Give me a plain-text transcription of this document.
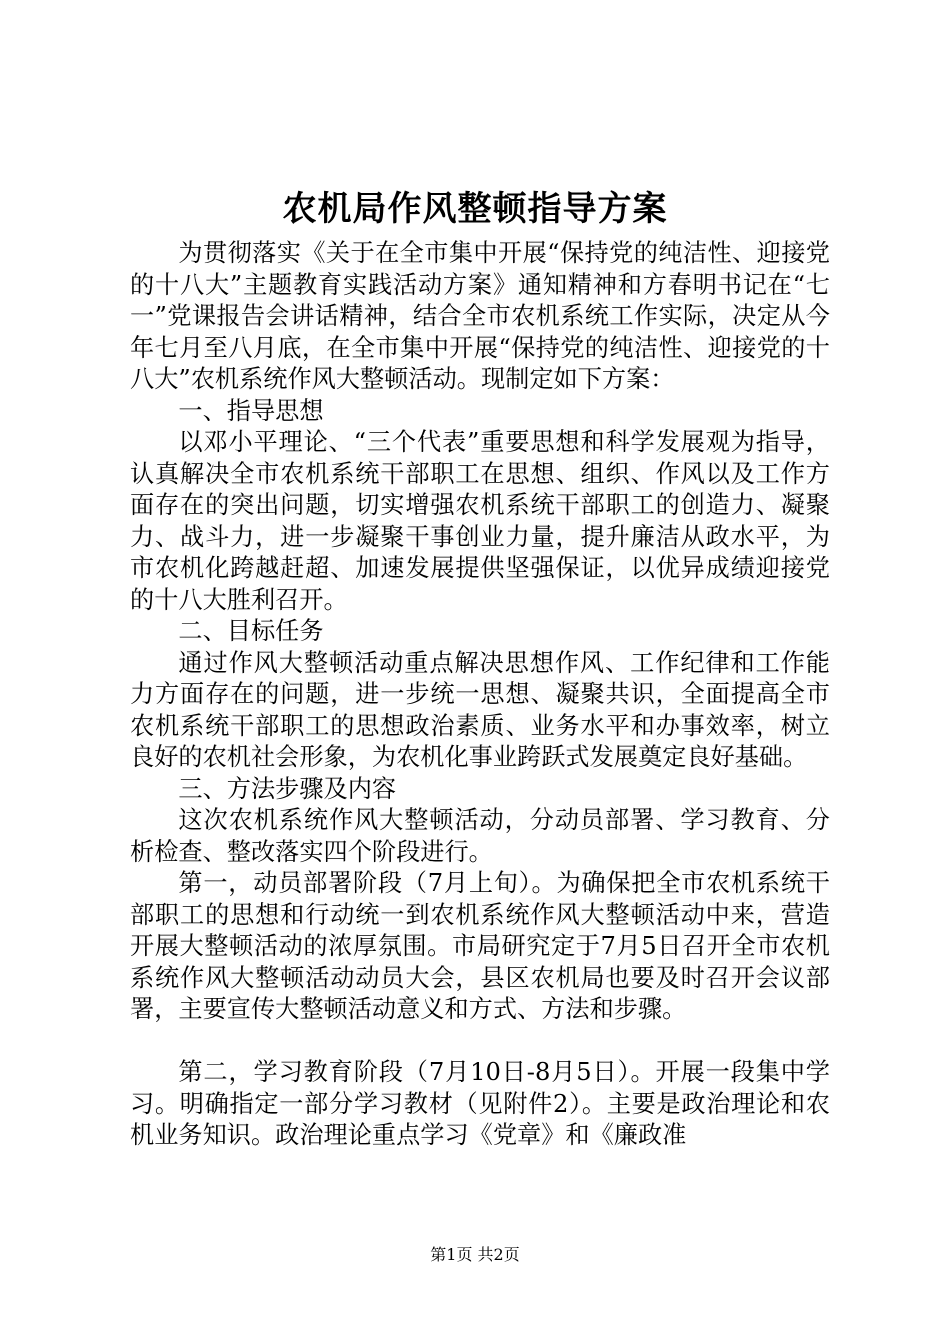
农机局作风整顿指导方案

为贯彻落实《关于在全市集中开展“保持党的纯洁性、迎接党的十八大”主题教育实践活动方案》通知精神和方春明书记在“七一”党课报告会讲话精神，结合全市农机系统工作实际，决定从今年七月至八月底，在全市集中开展“保持党的纯洁性、迎接党的十八大”农机系统作风大整顿活动。现制定如下方案：

一、指导思想

以邓小平理论、“三个代表”重要思想和科学发展观为指导，认真解决全市农机系统干部职工在思想、组织、作风以及工作方面存在的突出问题，切实增强农机系统干部职工的创造力、凝聚力、战斗力，进一步凝聚干事创业力量，提升廉洁从政水平，为市农机化跨越赶超、加速发展提供坚强保证，以优异成绩迎接党的十八大胜利召开。

二、目标任务

通过作风大整顿活动重点解决思想作风、工作纪律和工作能力方面存在的问题，进一步统一思想、凝聚共识，全面提高全市农机系统干部职工的思想政治素质、业务水平和办事效率，树立良好的农机社会形象，为农机化事业跨跃式发展奠定良好基础。

三、方法步骤及内容

这次农机系统作风大整顿活动，分动员部署、学习教育、分析检查、整改落实四个阶段进行。

第一，动员部署阶段（7月上旬）。为确保把全市农机系统干部职工的思想和行动统一到农机系统作风大整顿活动中来，营造开展大整顿活动的浓厚氛围。市局研究定于7月5日召开全市农机系统作风大整顿活动动员大会，县区农机局也要及时召开会议部署，主要宣传大整顿活动意义和方式、方法和步骤。

第二，学习教育阶段（7月10日-8月5日）。开展一段集中学习。明确指定一部分学习教材（见附件2）。主要是政治理论和农机业务知识。政治理论重点学习《党章》和《廉政准

第1页 共2页
